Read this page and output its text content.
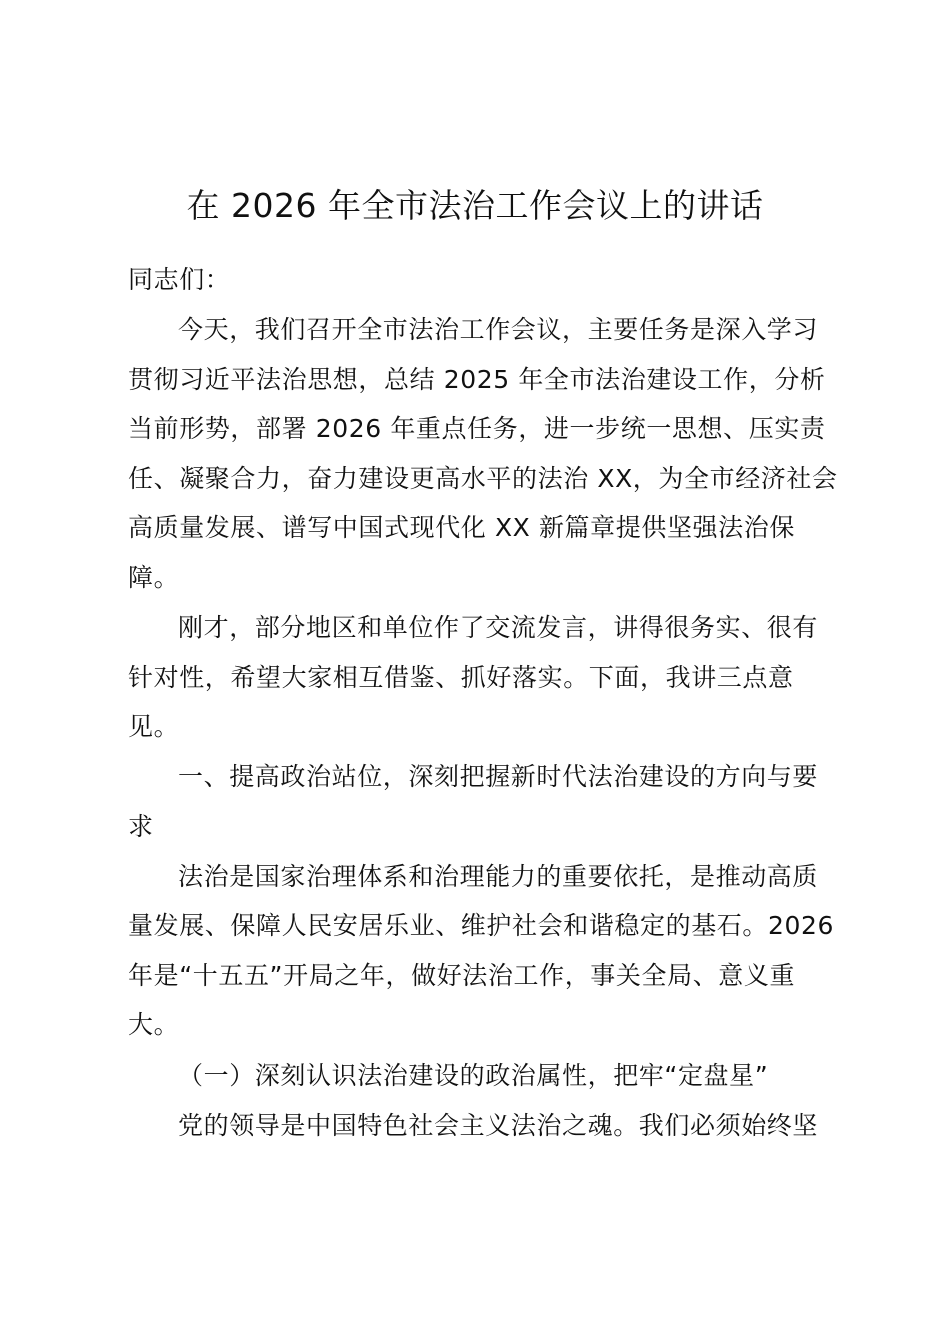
在 2026 年全市法治工作会议上的讲话
同志们：
今天，我们召开全市法治工作会议，主要任务是深入学习
贯彻习近平法治思想，总结 2025 年全市法治建设工作，分析
当前形势，部署 2026 年重点任务，进一步统一思想、压实责
任、凝聚合力，奋力建设更高水平的法治 XX，为全市经济社会
高质量发展、谱写中国式现代化 XX 新篇章提供坚强法治保
障。
刚才，部分地区和单位作了交流发言，讲得很务实、很有
针对性，希望大家相互借鉴、抓好落实。下面，我讲三点意
见。
一、提高政治站位，深刻把握新时代法治建设的方向与要
求
法治是国家治理体系和治理能力的重要依托，是推动高质
量发展、保障人民安居乐业、维护社会和谐稳定的基石。2026
年是“十五五”开局之年，做好法治工作，事关全局、意义重
大。
（一）深刻认识法治建设的政治属性，把牢“定盘星”
党的领导是中国特色社会主义法治之魂。我们必须始终坚
